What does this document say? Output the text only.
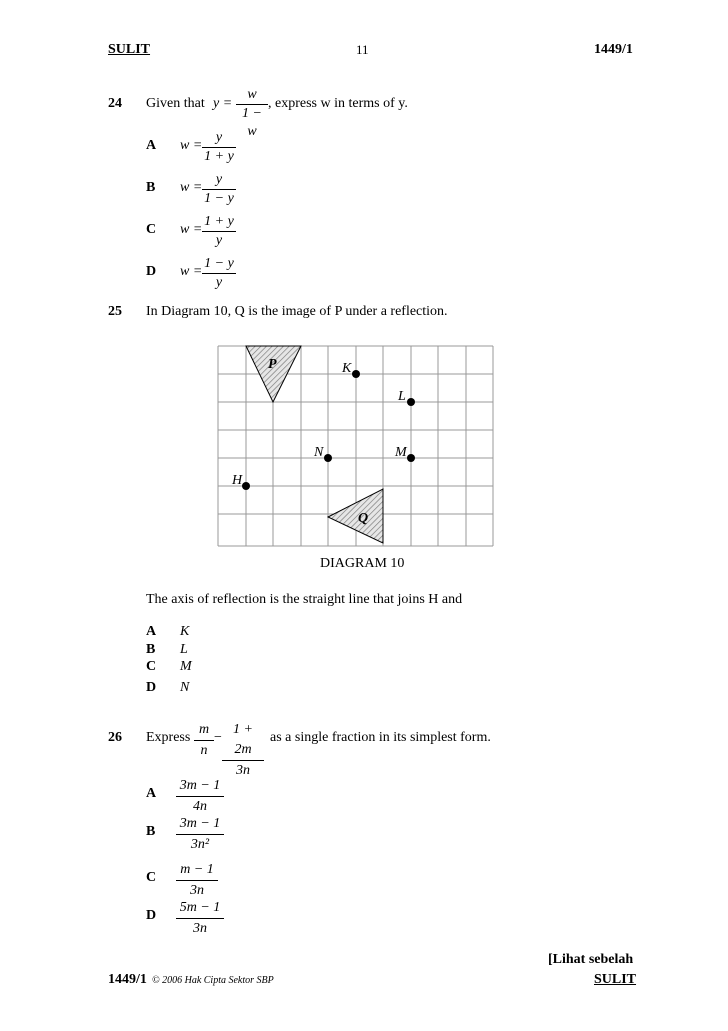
SULIT	11	1449/1
24 Given that $y = \frac{w}{1 - w}$ , express w in terms of y.
A $w = \frac{y}{1 + y}$
B $w = \frac{y}{1 - y}$
C $w = \frac{1 + y}{y}$
D $w = \frac{1 - y}{y}$
25 In Diagram 10, Q is the image of P under a reflection.
P
Q
K
L
N	M
H
DIAGRAM 10
The axis of reflection is the straight line that joins H and
A K
B L
C M
D N
26 Express $\frac{m}{n} - \frac{1 + 2m}{3n}$ as a single fraction in its simplest form.
A $\frac{3m - 1}{4n}$
B $\frac{3m - 1}{\text{3n²}}$
C $\frac{m - 1}{3n}$
D $\frac{5m - 1}{3n}$
[Lihat sebelah
1449/1 © 2006 Hak Cipta Sektor SBP	SULIT
